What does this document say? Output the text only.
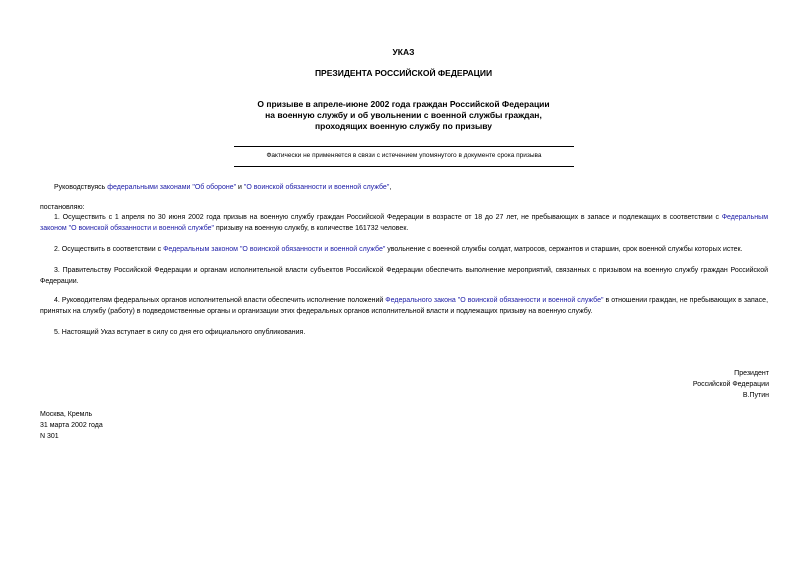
УКАЗ
ПРЕЗИДЕНТА РОССИЙСКОЙ ФЕДЕРАЦИИ
О призыве в апреле-июне 2002 года граждан Российской Федерации
на военную службу и об увольнении с военной службы граждан,
проходящих военную службу по призыву
Фактически не применяется в связи с истечением упомянутого в документе срока призыва
Руководствуясь федеральными законами "Об обороне" и "О воинской обязанности и военной службе",
постановляю:
1. Осуществить с 1 апреля по 30 июня 2002 года призыв на военную службу граждан Российской Федерации в возрасте от 18 до 27 лет, не пребывающих в запасе и подлежащих в соответствии с Федеральным законом "О воинской обязанности и военной службе" призыву на военную службу, в количестве 161732 человек.
2. Осуществить в соответствии с Федеральным законом "О воинской обязанности и военной службе" увольнение с военной службы солдат, матросов, сержантов и старшин, срок военной службы которых истек.
3. Правительству Российской Федерации и органам исполнительной власти субъектов Российской Федерации обеспечить выполнение мероприятий, связанных с призывом на военную службу граждан Российской Федерации.
4. Руководителям федеральных органов исполнительной власти обеспечить исполнение положений Федерального закона "О воинской обязанности и военной службе" в отношении граждан, не пребывающих в запасе, принятых на службу (работу) в подведомственные органы и организации этих федеральных органов исполнительной власти и подлежащих призыву на военную службу.
5. Настоящий Указ вступает в силу со дня его официального опубликования.
Президент
Российской Федерации
В.Путин
Москва, Кремль
31 марта 2002 года
N 301
